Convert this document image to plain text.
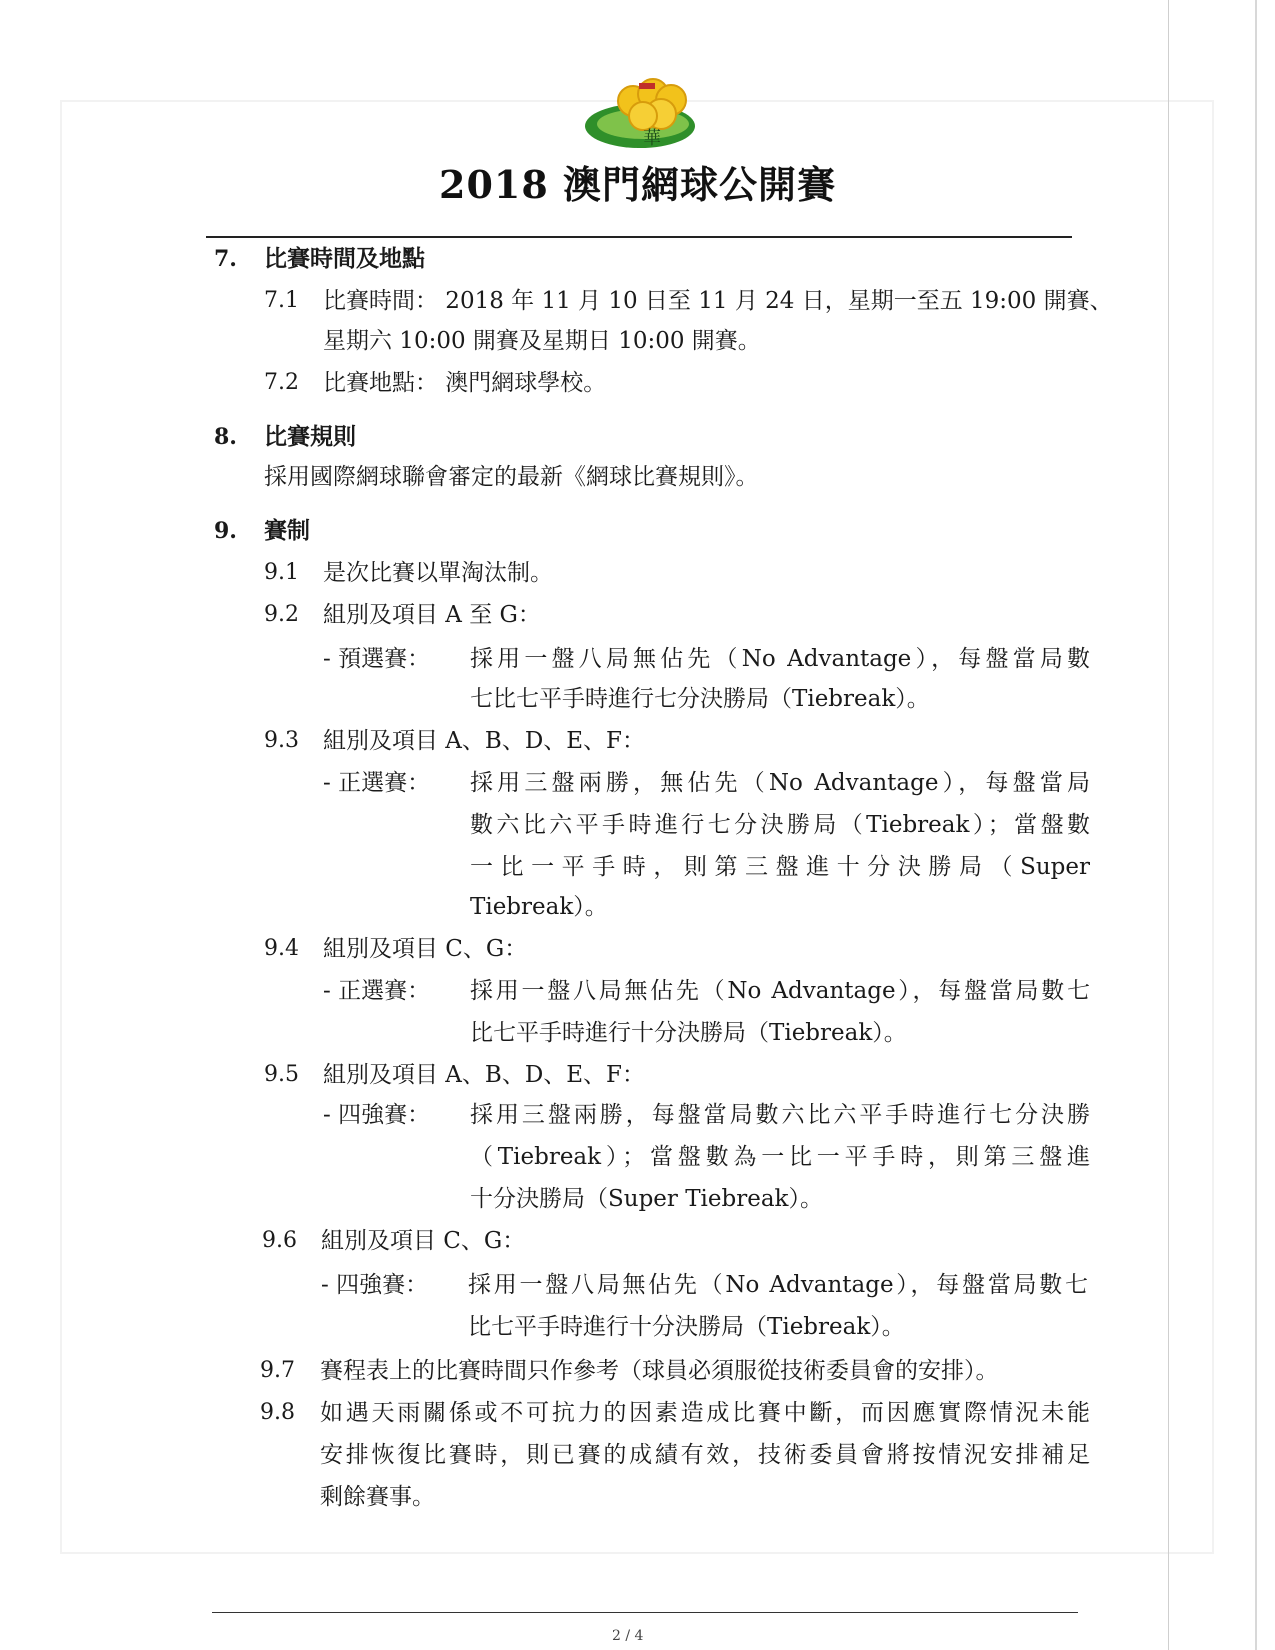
華
2018 澳門網球公開賽
7. 比賽時間及地點
7.1 比賽時間： 2018 年 11 月 10 日至 11 月 24 日，星期一至五 19:00 開賽、
星期六 10:00 開賽及星期日 10:00 開賽。
7.2 比賽地點： 澳門網球學校。
8. 比賽規則
採用國際網球聯會審定的最新《網球比賽規則》。
9. 賽制
9.1 是次比賽以單淘汰制。
9.2 組別及項目 A 至 G：
- 預選賽： 採用一盤八局無佔先（No Advantage），每盤當局數
七比七平手時進行七分決勝局（Tiebreak）。
9.3 組別及項目 A、B、D、E、F：
- 正選賽： 採用三盤兩勝，無佔先（No Advantage），每盤當局
數六比六平手時進行七分決勝局（Tiebreak）；當盤數
一比一平手時，則第三盤進十分決勝局（Super
Tiebreak）。
9.4 組別及項目 C、G：
- 正選賽： 採用一盤八局無佔先（No Advantage），每盤當局數七
比七平手時進行十分決勝局（Tiebreak）。
9.5 組別及項目 A、B、D、E、F：
- 四強賽： 採用三盤兩勝，每盤當局數六比六平手時進行七分決勝
（Tiebreak）；當盤數為一比一平手時，則第三盤進
十分決勝局（Super Tiebreak）。
9.6 組別及項目 C、G：
- 四強賽： 採用一盤八局無佔先（No Advantage），每盤當局數七
比七平手時進行十分決勝局（Tiebreak）。
9.7 賽程表上的比賽時間只作參考（球員必須服從技術委員會的安排）。
9.8 如遇天雨關係或不可抗力的因素造成比賽中斷，而因應實際情況未能
安排恢復比賽時，則已賽的成績有效，技術委員會將按情況安排補足
剩餘賽事。
2 / 4
